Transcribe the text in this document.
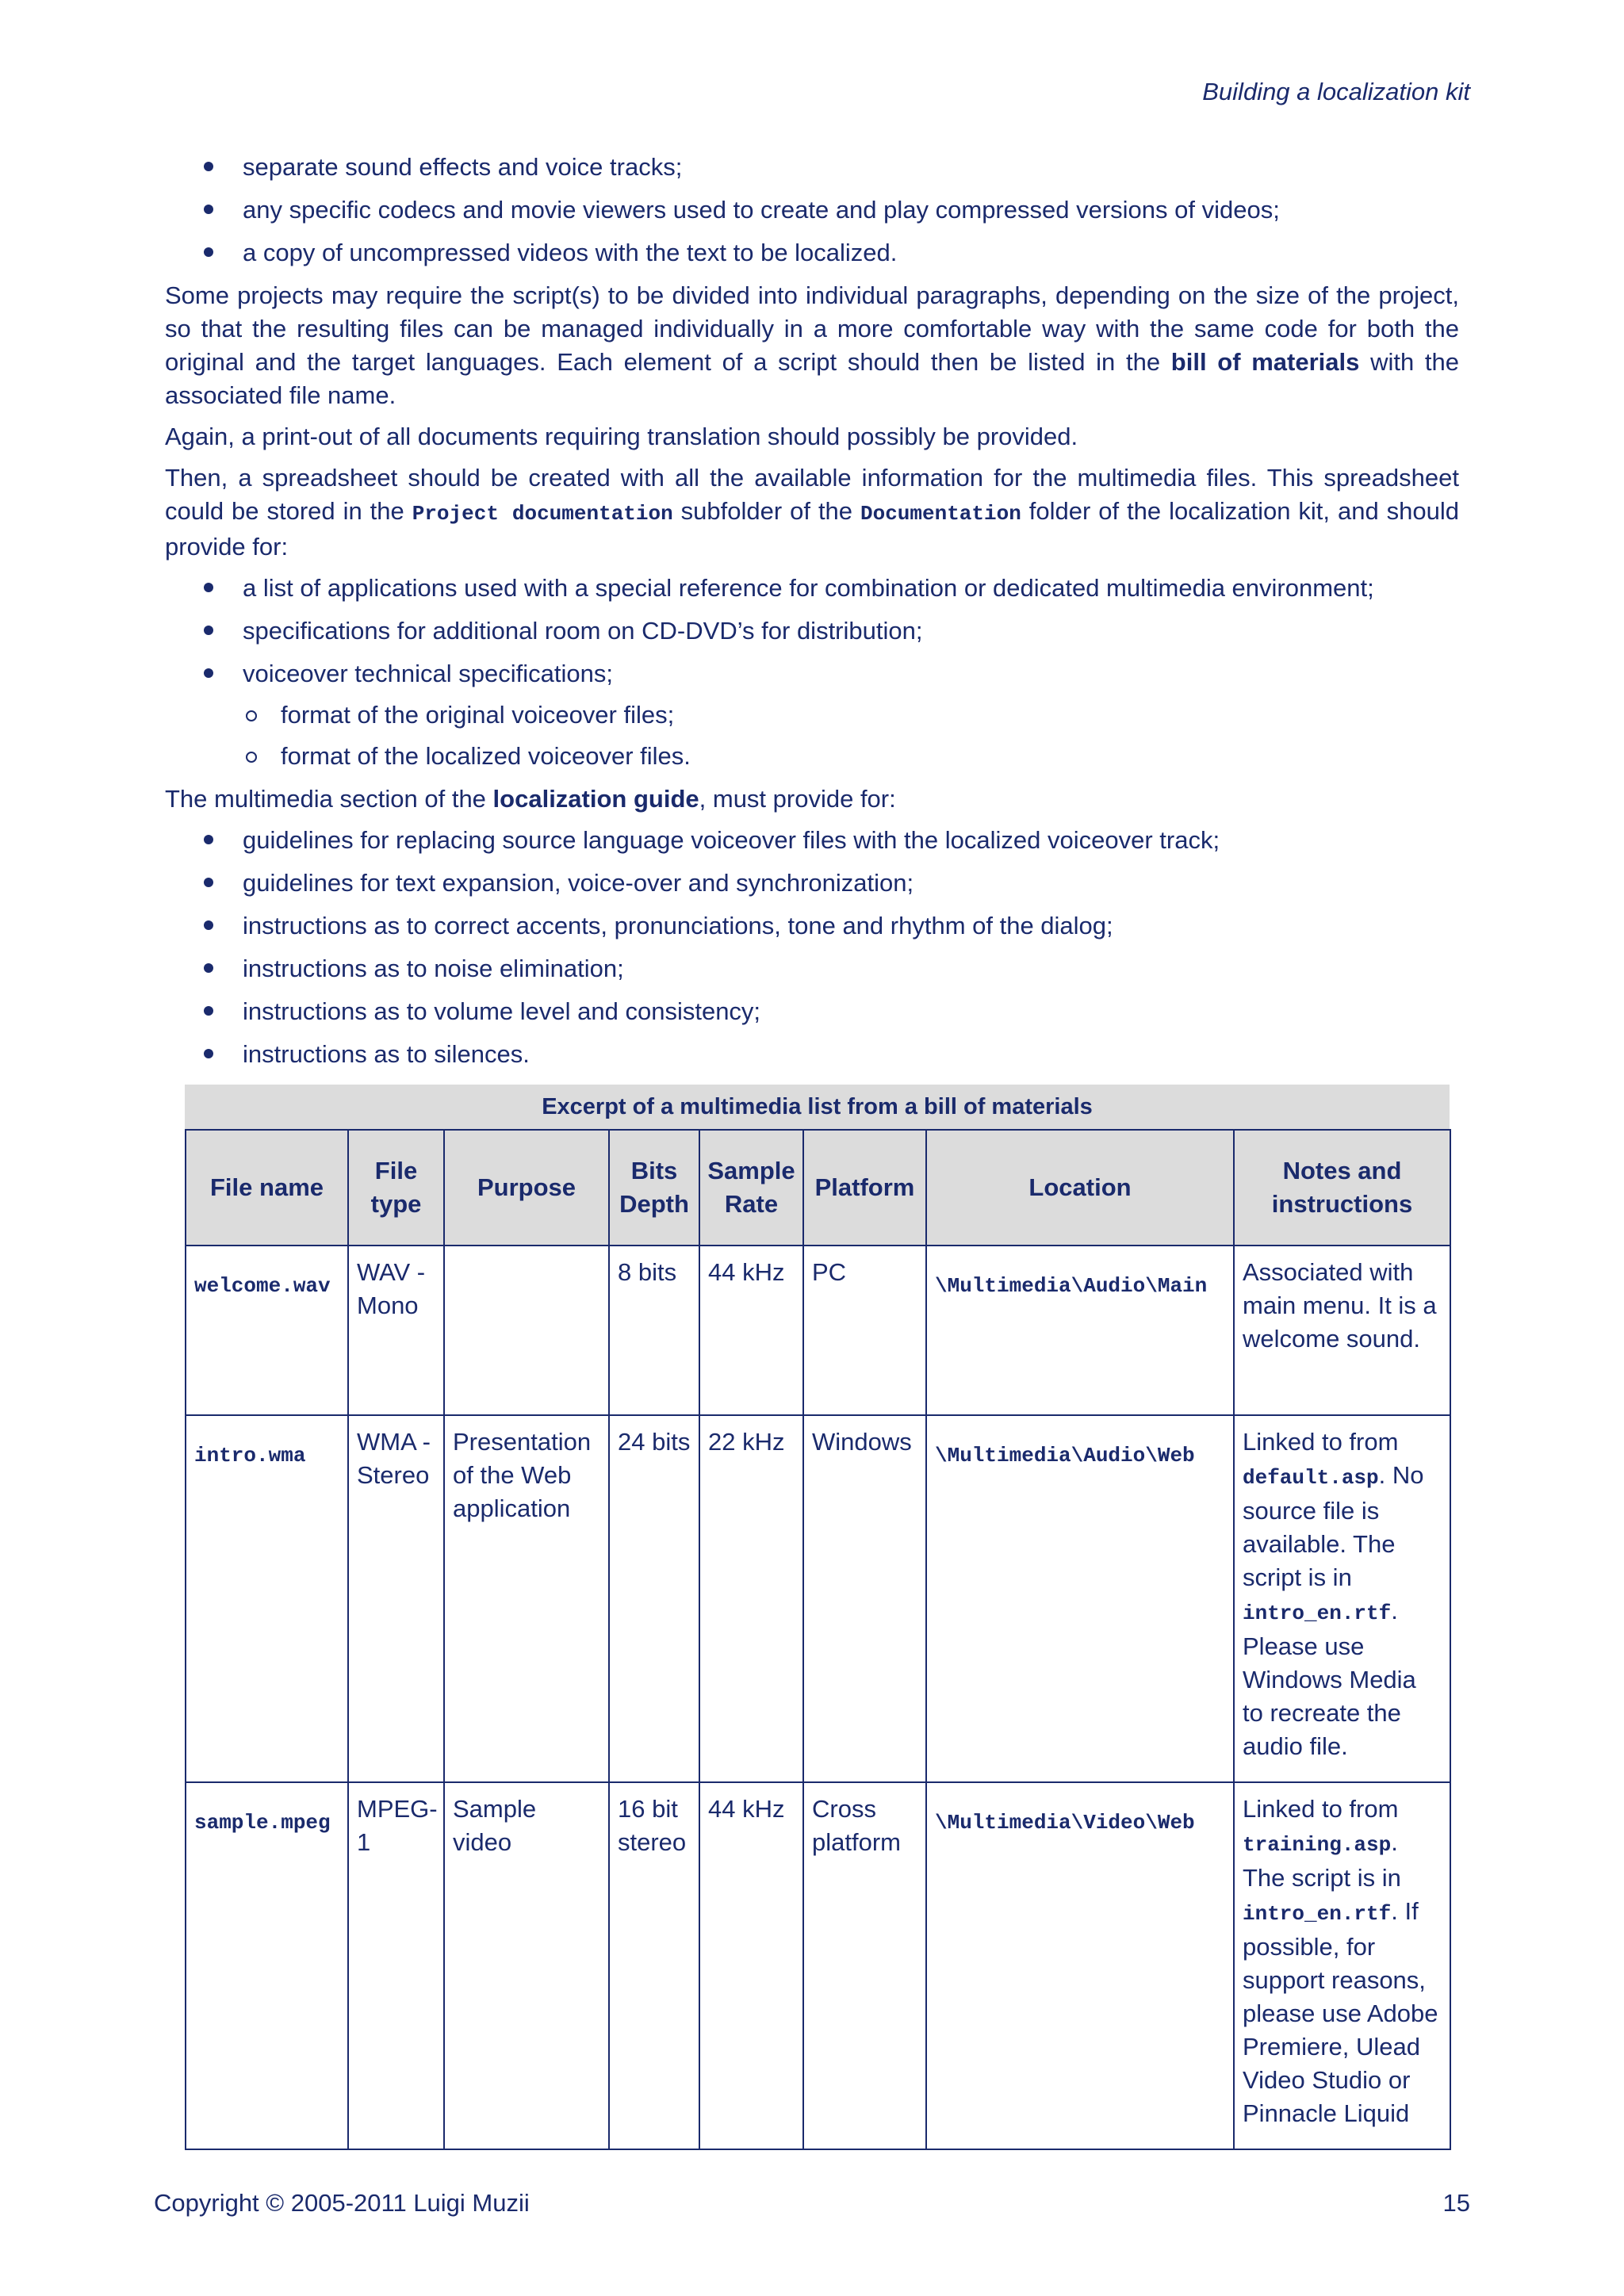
Building a localization kit
separate sound effects and voice tracks;
any specific codecs and movie viewers used to create and play compressed versions of videos;
a copy of uncompressed videos with the text to be localized.

Some projects may require the script(s) to be divided into individual paragraphs, depending on the size of the project, so that the resulting files can be managed individually in a more comfortable way with the same code for both the original and the target languages. Each element of a script should then be listed in the bill of materials with the associated file name.

Again, a print-out of all documents requiring translation should possibly be provided.

Then, a spreadsheet should be created with all the available information for the multimedia files. This spreadsheet could be stored in the Project documentation subfolder of the Documentation folder of the localization kit, and should provide for:

a list of applications used with a special reference for combination or dedicated multimedia environment;
specifications for additional room on CD-DVD’s for distribution;
voiceover technical specifications;
format of the original voiceover files;
format of the localized voiceover files.

The multimedia section of the localization guide, must provide for:

guidelines for replacing source language voiceover files with the localized voiceover track;
guidelines for text expansion, voice-over and synchronization;
instructions as to correct accents, pronunciations, tone and rhythm of the dialog;
instructions as to noise elimination;
instructions as to volume level and consistency;
instructions as to silences.
Excerpt of a multimedia list from a bill of materials
File name	File type	Purpose	Bits Depth	Sample Rate	Platform	Location	Notes and instructions
welcome.wav	WAV - Mono		8 bits	44 kHz	PC	\Multimedia\Audio\Main	Associated with main menu. It is a welcome sound.
intro.wma	WMA - Stereo	Presentation of the Web application	24 bits	22 kHz	Windows	\Multimedia\Audio\Web	Linked to from default.asp. No source file is available. The script is in intro_en.rtf. Please use Windows Media to recreate the audio file.
sample.mpeg	MPEG-1	Sample video	16 bit stereo	44 kHz	Cross platform	\Multimedia\Video\Web	Linked to from training.asp. The script is in intro_en.rtf. If possible, for support reasons, please use Adobe Premiere, Ulead Video Studio or Pinnacle Liquid
Copyright © 2005-2011 Luigi Muzii	15
